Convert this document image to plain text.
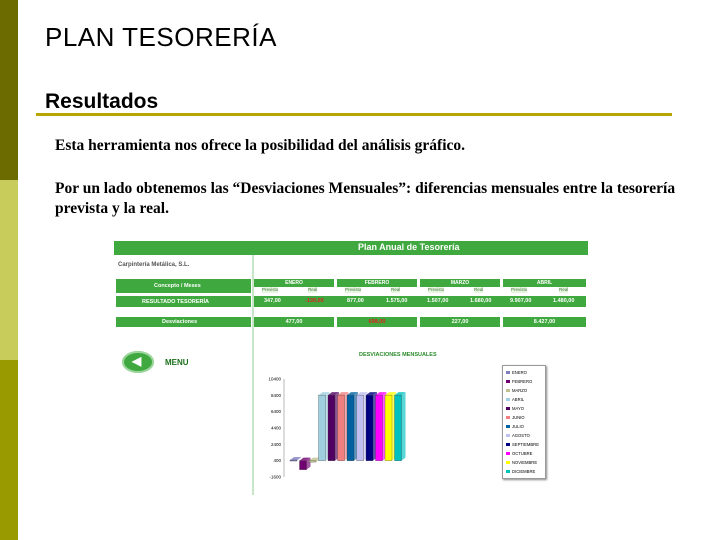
PLAN TESORERÍA
Resultados
Esta herramienta nos ofrece la posibilidad del análisis gráfico.
Por un lado obtenemos las “Desviaciones Mensuales”: diferencias mensuales entre la tesorería prevista y la real.
Plan Anual de Tesorería
Carpintería Metálica, S.L.
Concepto / Meses	ENERO	FEBRERO	MARZO	ABRIL
Previsto	Real	Previsto	Real	Previsto	Real	Previsto	Real
RESULTADO TESORERÍA	347,00	-130,00	877,00	1.575,00	1.507,00	1.680,00	9.907,00	1.480,00
Desviaciones	477,00	698,00	227,00	8.427,00
◀	MENU
DESVIACIONES MENSUALES
10400
8400
6400
4400
2400
400
-1600
ENERO
FEBRERO
MARZO
ABRIL
MAYO
JUNIO
JULIO
AGOSTO
SEPTIEMBRE
OCTUBRE
NOVIEMBRE
DICIEMBRE
